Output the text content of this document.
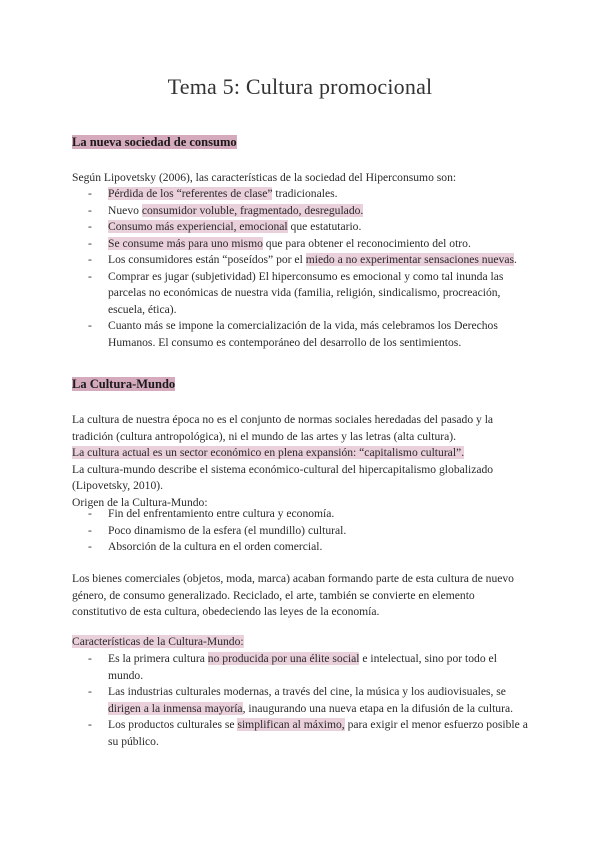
Tema 5: Cultura promocional
La nueva sociedad de consumo
Según Lipovetsky (2006), las características de la sociedad del Hiperconsumo son:
- Pérdida de los “referentes de clase” tradicionales.
- Nuevo consumidor voluble, fragmentado, desregulado.
- Consumo más experiencial, emocional que estatutario.
- Se consume más para uno mismo que para obtener el reconocimiento del otro.
- Los consumidores están “poseídos” por el miedo a no experimentar sensaciones nuevas.
- Comprar es jugar (subjetividad) El hiperconsumo es emocional y como tal inunda las parcelas no económicas de nuestra vida (familia, religión, sindicalismo, procreación, escuela, ética).
- Cuanto más se impone la comercialización de la vida, más celebramos los Derechos Humanos. El consumo es contemporáneo del desarrollo de los sentimientos.
La Cultura-Mundo

La cultura de nuestra época no es el conjunto de normas sociales heredadas del pasado y la tradición (cultura antropológica), ni el mundo de las artes y las letras (alta cultura).

La cultura actual es un sector económico en plena expansión: “capitalismo cultural”.

La cultura-mundo describe el sistema económico-cultural del hipercapitalismo globalizado (Lipovetsky, 2010).

Origen de la Cultura-Mundo:

- Fin del enfrentamiento entre cultura y economía.
- Poco dinamismo de la esfera (el mundillo) cultural.
- Absorción de la cultura en el orden comercial.
Los bienes comerciales (objetos, moda, marca) acaban formando parte de esta cultura de nuevo género, de consumo generalizado. Reciclado, el arte, también se convierte en elemento constitutivo de esta cultura, obedeciendo las leyes de la economía.
Características de la Cultura-Mundo:
- Es la primera cultura no producida por una élite social e intelectual, sino por todo el mundo.
- Las industrias culturales modernas, a través del cine, la música y los audiovisuales, se dirigen a la inmensa mayoría, inaugurando una nueva etapa en la difusión de la cultura.
- Los productos culturales se simplifican al máximo, para exigir el menor esfuerzo posible a su público.
